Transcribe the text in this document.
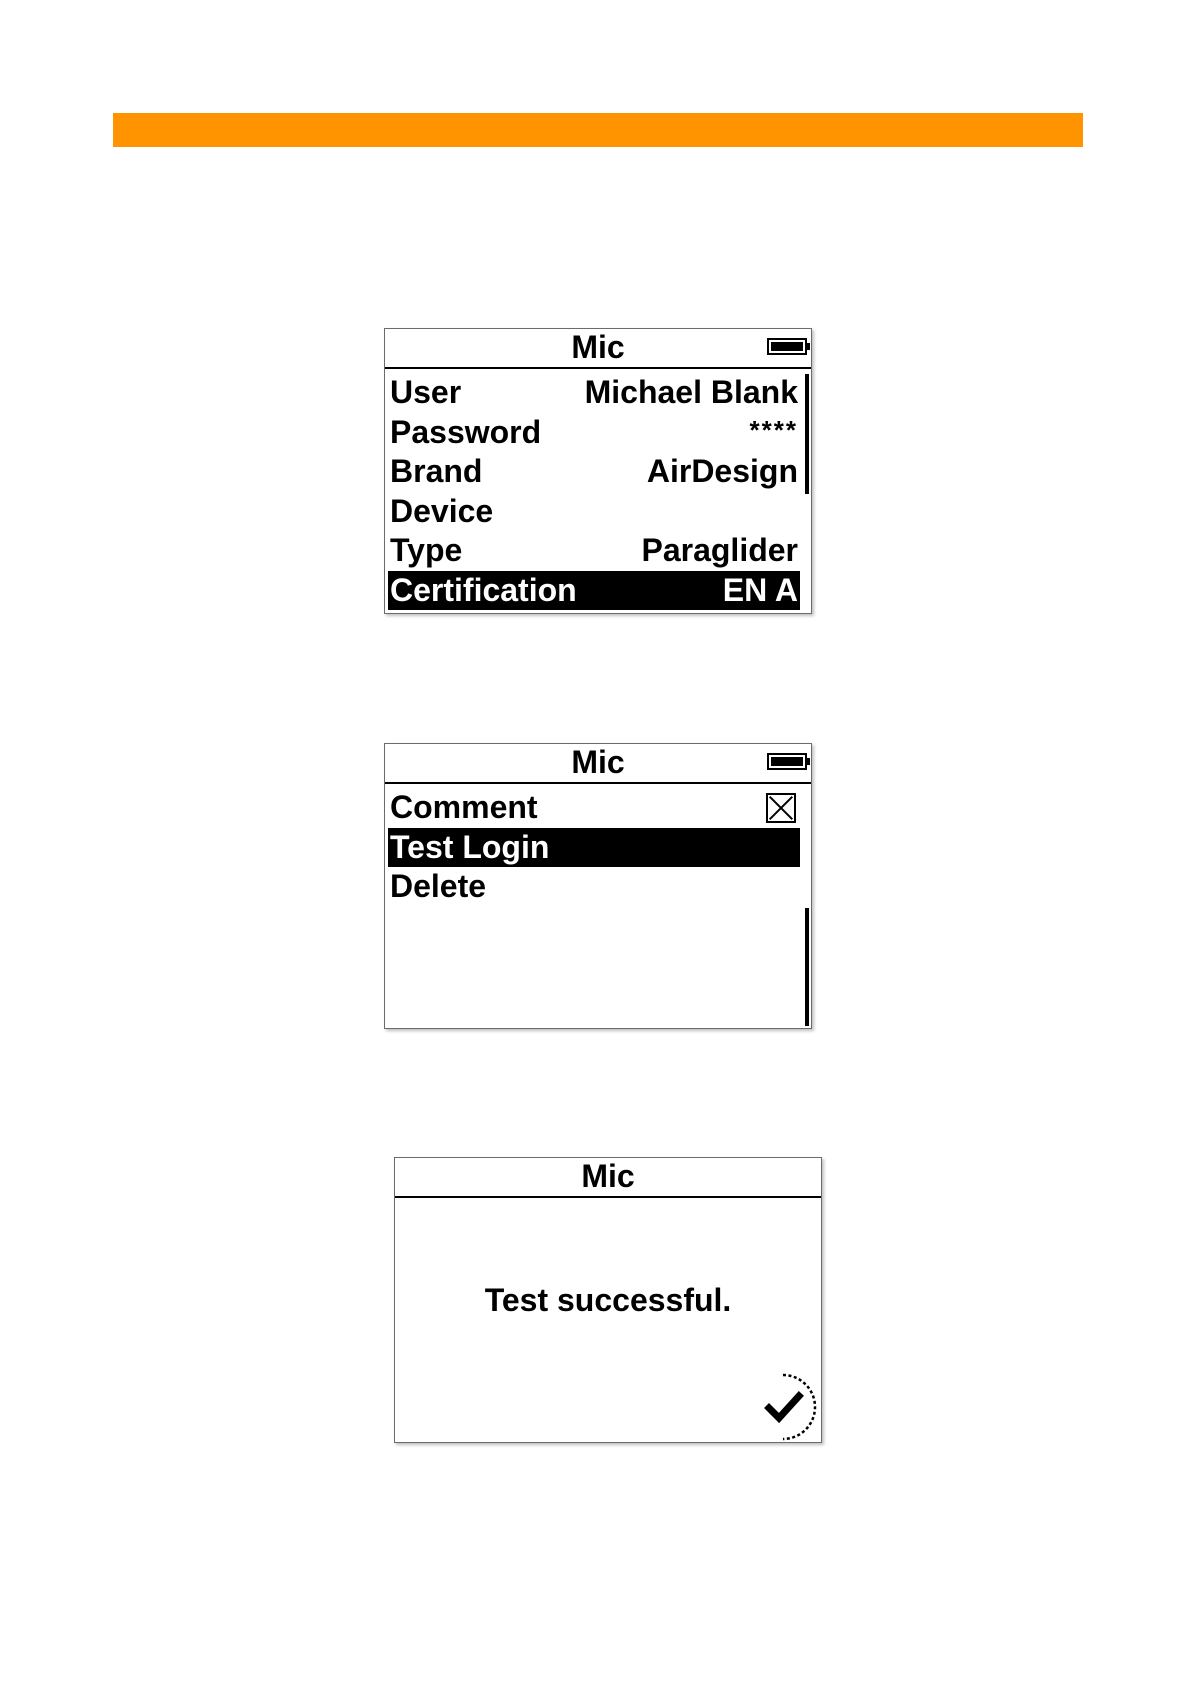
Mic
User	Michael Blank
Password	****
Brand	AirDesign
Device
Type	Paraglider
Certification	EN A
Mic
Comment
Test Login
Delete
Mic
Test successful.
